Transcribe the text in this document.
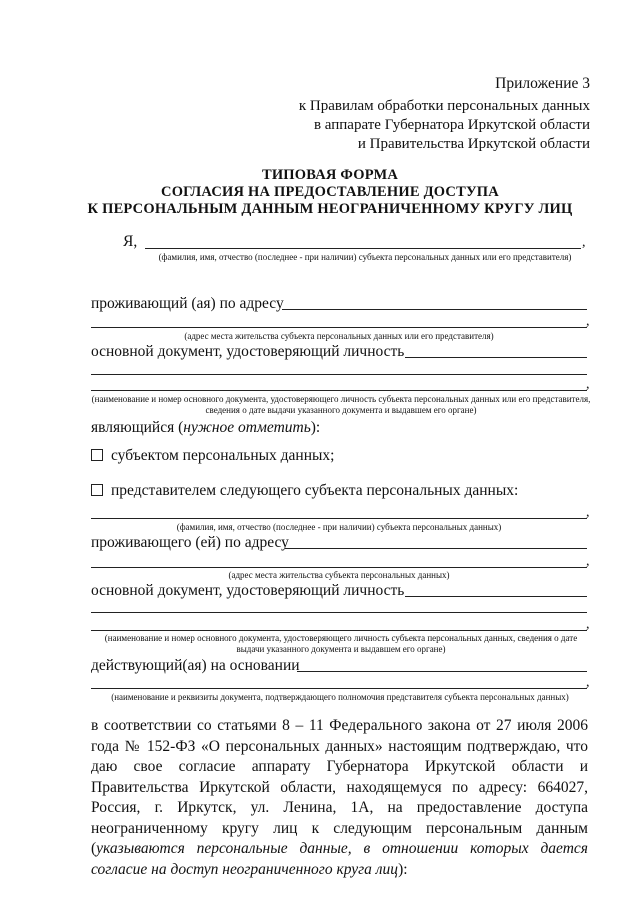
Приложение 3
к Правилам обработки персональных данных
в аппарате Губернатора Иркутской области
и Правительства Иркутской области
ТИПОВАЯ ФОРМА
СОГЛАСИЯ НА ПРЕДОСТАВЛЕНИЕ ДОСТУПА
К ПЕРСОНАЛЬНЫМ ДАННЫМ НЕОГРАНИЧЕННОМУ КРУГУ ЛИЦ
Я,	,
(фамилия, имя, отчество (последнее - при наличии) субъекта персональных данных или его представителя)
проживающий (ая) по адресу
,
(адрес места жительства субъекта персональных данных или его представителя)
основной документ, удостоверяющий личность
,
(наименование и номер основного документа, удостоверяющего личность субъекта персональных данных или его представителя, сведения о дате выдачи указанного документа и выдавшем его органе)
являющийся (нужное отметить):
субъектом персональных данных;
представителем следующего субъекта персональных данных:
,
(фамилия, имя, отчество (последнее - при наличии) субъекта персональных данных)
проживающего (ей) по адресу
,
(адрес места жительства субъекта персональных данных)
основной документ, удостоверяющий личность
,
(наименование и номер основного документа, удостоверяющего личность субъекта персональных данных, сведения о дате выдачи указанного документа и выдавшем его органе)
действующий(ая) на основании
,
(наименование и реквизиты документа, подтверждающего полномочия представителя субъекта персональных данных)
в соответствии со статьями 8 – 11 Федерального закона от 27 июля 2006 года № 152-ФЗ «О персональных данных» настоящим подтверждаю, что даю свое согласие аппарату Губернатора Иркутской области и Правительства Иркутской области, находящемуся по адресу: 664027, Россия, г. Иркутск, ул. Ленина, 1А, на предоставление доступа неограниченному кругу лиц к следующим персональным данным (указываются персональные данные, в отношении которых дается согласие на доступ неограниченного круга лиц):
